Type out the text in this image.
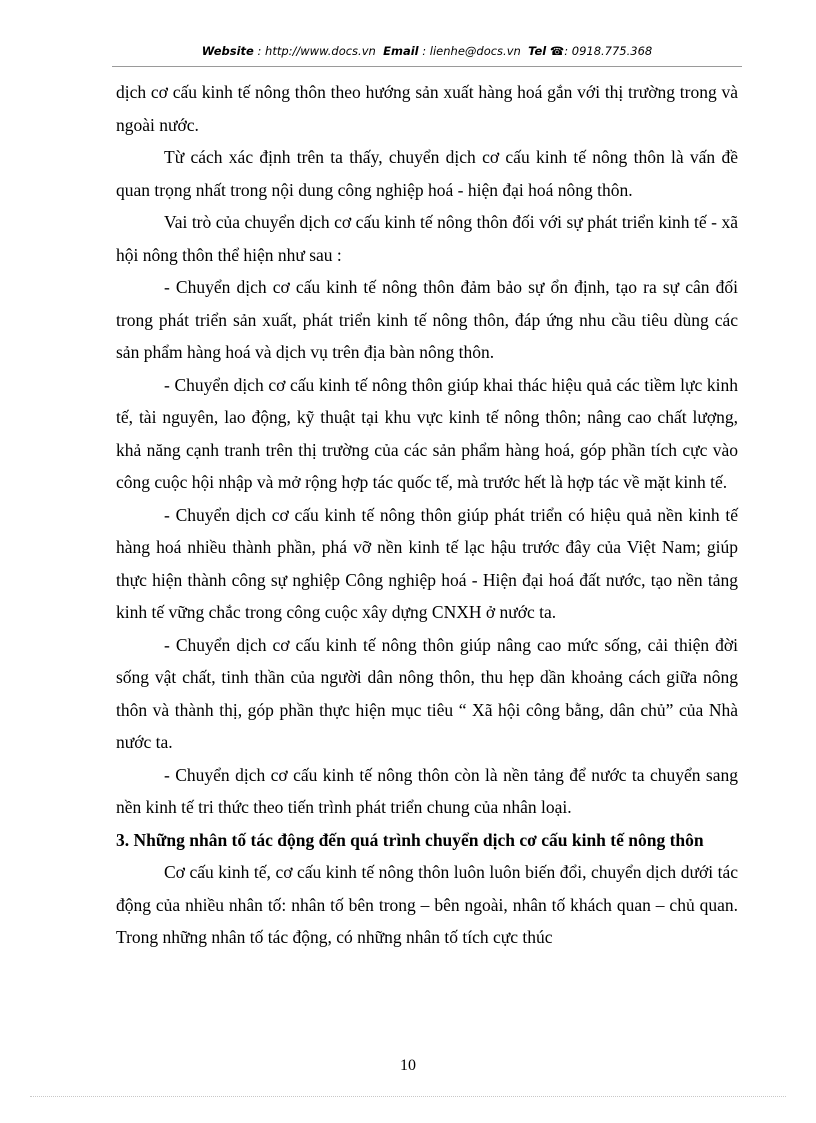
Website : http://www.docs.vn Email : lienhe@docs.vn Tel ☎: 0918.775.368

dịch cơ cấu kinh tế nông thôn theo hướng sản xuất hàng hoá gắn với thị trường trong và ngoài nước.

Từ cách xác định trên ta thấy, chuyển dịch cơ cấu kinh tế nông thôn là vấn đề quan trọng nhất trong nội dung công nghiệp hoá - hiện đại hoá nông thôn.

Vai trò của chuyển dịch cơ cấu kinh tế nông thôn đối với sự phát triển kinh tế - xã hội nông thôn thể hiện như sau :

- Chuyển dịch cơ cấu kinh tế nông thôn đảm bảo sự ổn định, tạo ra sự cân đối trong phát triển sản xuất, phát triển kinh tế nông thôn, đáp ứng nhu cầu tiêu dùng các sản phẩm hàng hoá và dịch vụ trên địa bàn nông thôn.

- Chuyển dịch cơ cấu kinh tế nông thôn giúp khai thác hiệu quả các tiềm lực kinh tế, tài nguyên, lao động, kỹ thuật tại khu vực kinh tế nông thôn; nâng cao chất lượng, khả năng cạnh tranh trên thị trường của các sản phẩm hàng hoá, góp phần tích cực vào công cuộc hội nhập và mở rộng hợp tác quốc tế, mà trước hết là hợp tác về mặt kinh tế.

- Chuyển dịch cơ cấu kinh tế nông thôn giúp phát triển có hiệu quả nền kinh tế hàng hoá nhiều thành phần, phá vỡ nền kinh tế lạc hậu trước đây của Việt Nam; giúp thực hiện thành công sự nghiệp Công nghiệp hoá - Hiện đại hoá đất nước, tạo nền tảng kinh tế vững chắc trong công cuộc xây dựng CNXH ở nước ta.

- Chuyển dịch cơ cấu kinh tế nông thôn giúp nâng cao mức sống, cải thiện đời sống vật chất, tinh thần của người dân nông thôn, thu hẹp dần khoảng cách giữa nông thôn và thành thị, góp phần thực hiện mục tiêu “ Xã hội công bằng, dân chủ” của Nhà nước ta.

- Chuyển dịch cơ cấu kinh tế nông thôn còn là nền tảng để nước ta chuyển sang nền kinh tế tri thức theo tiến trình phát triển chung của nhân loại.

3. Những nhân tố tác động đến quá trình chuyển dịch cơ cấu kinh tế nông thôn

Cơ cấu kinh tế, cơ cấu kinh tế nông thôn luôn luôn biến đổi, chuyển dịch dưới tác động của nhiều nhân tố: nhân tố bên trong – bên ngoài, nhân tố khách quan – chủ quan. Trong những nhân tố tác động, có những nhân tố tích cực thúc

10
